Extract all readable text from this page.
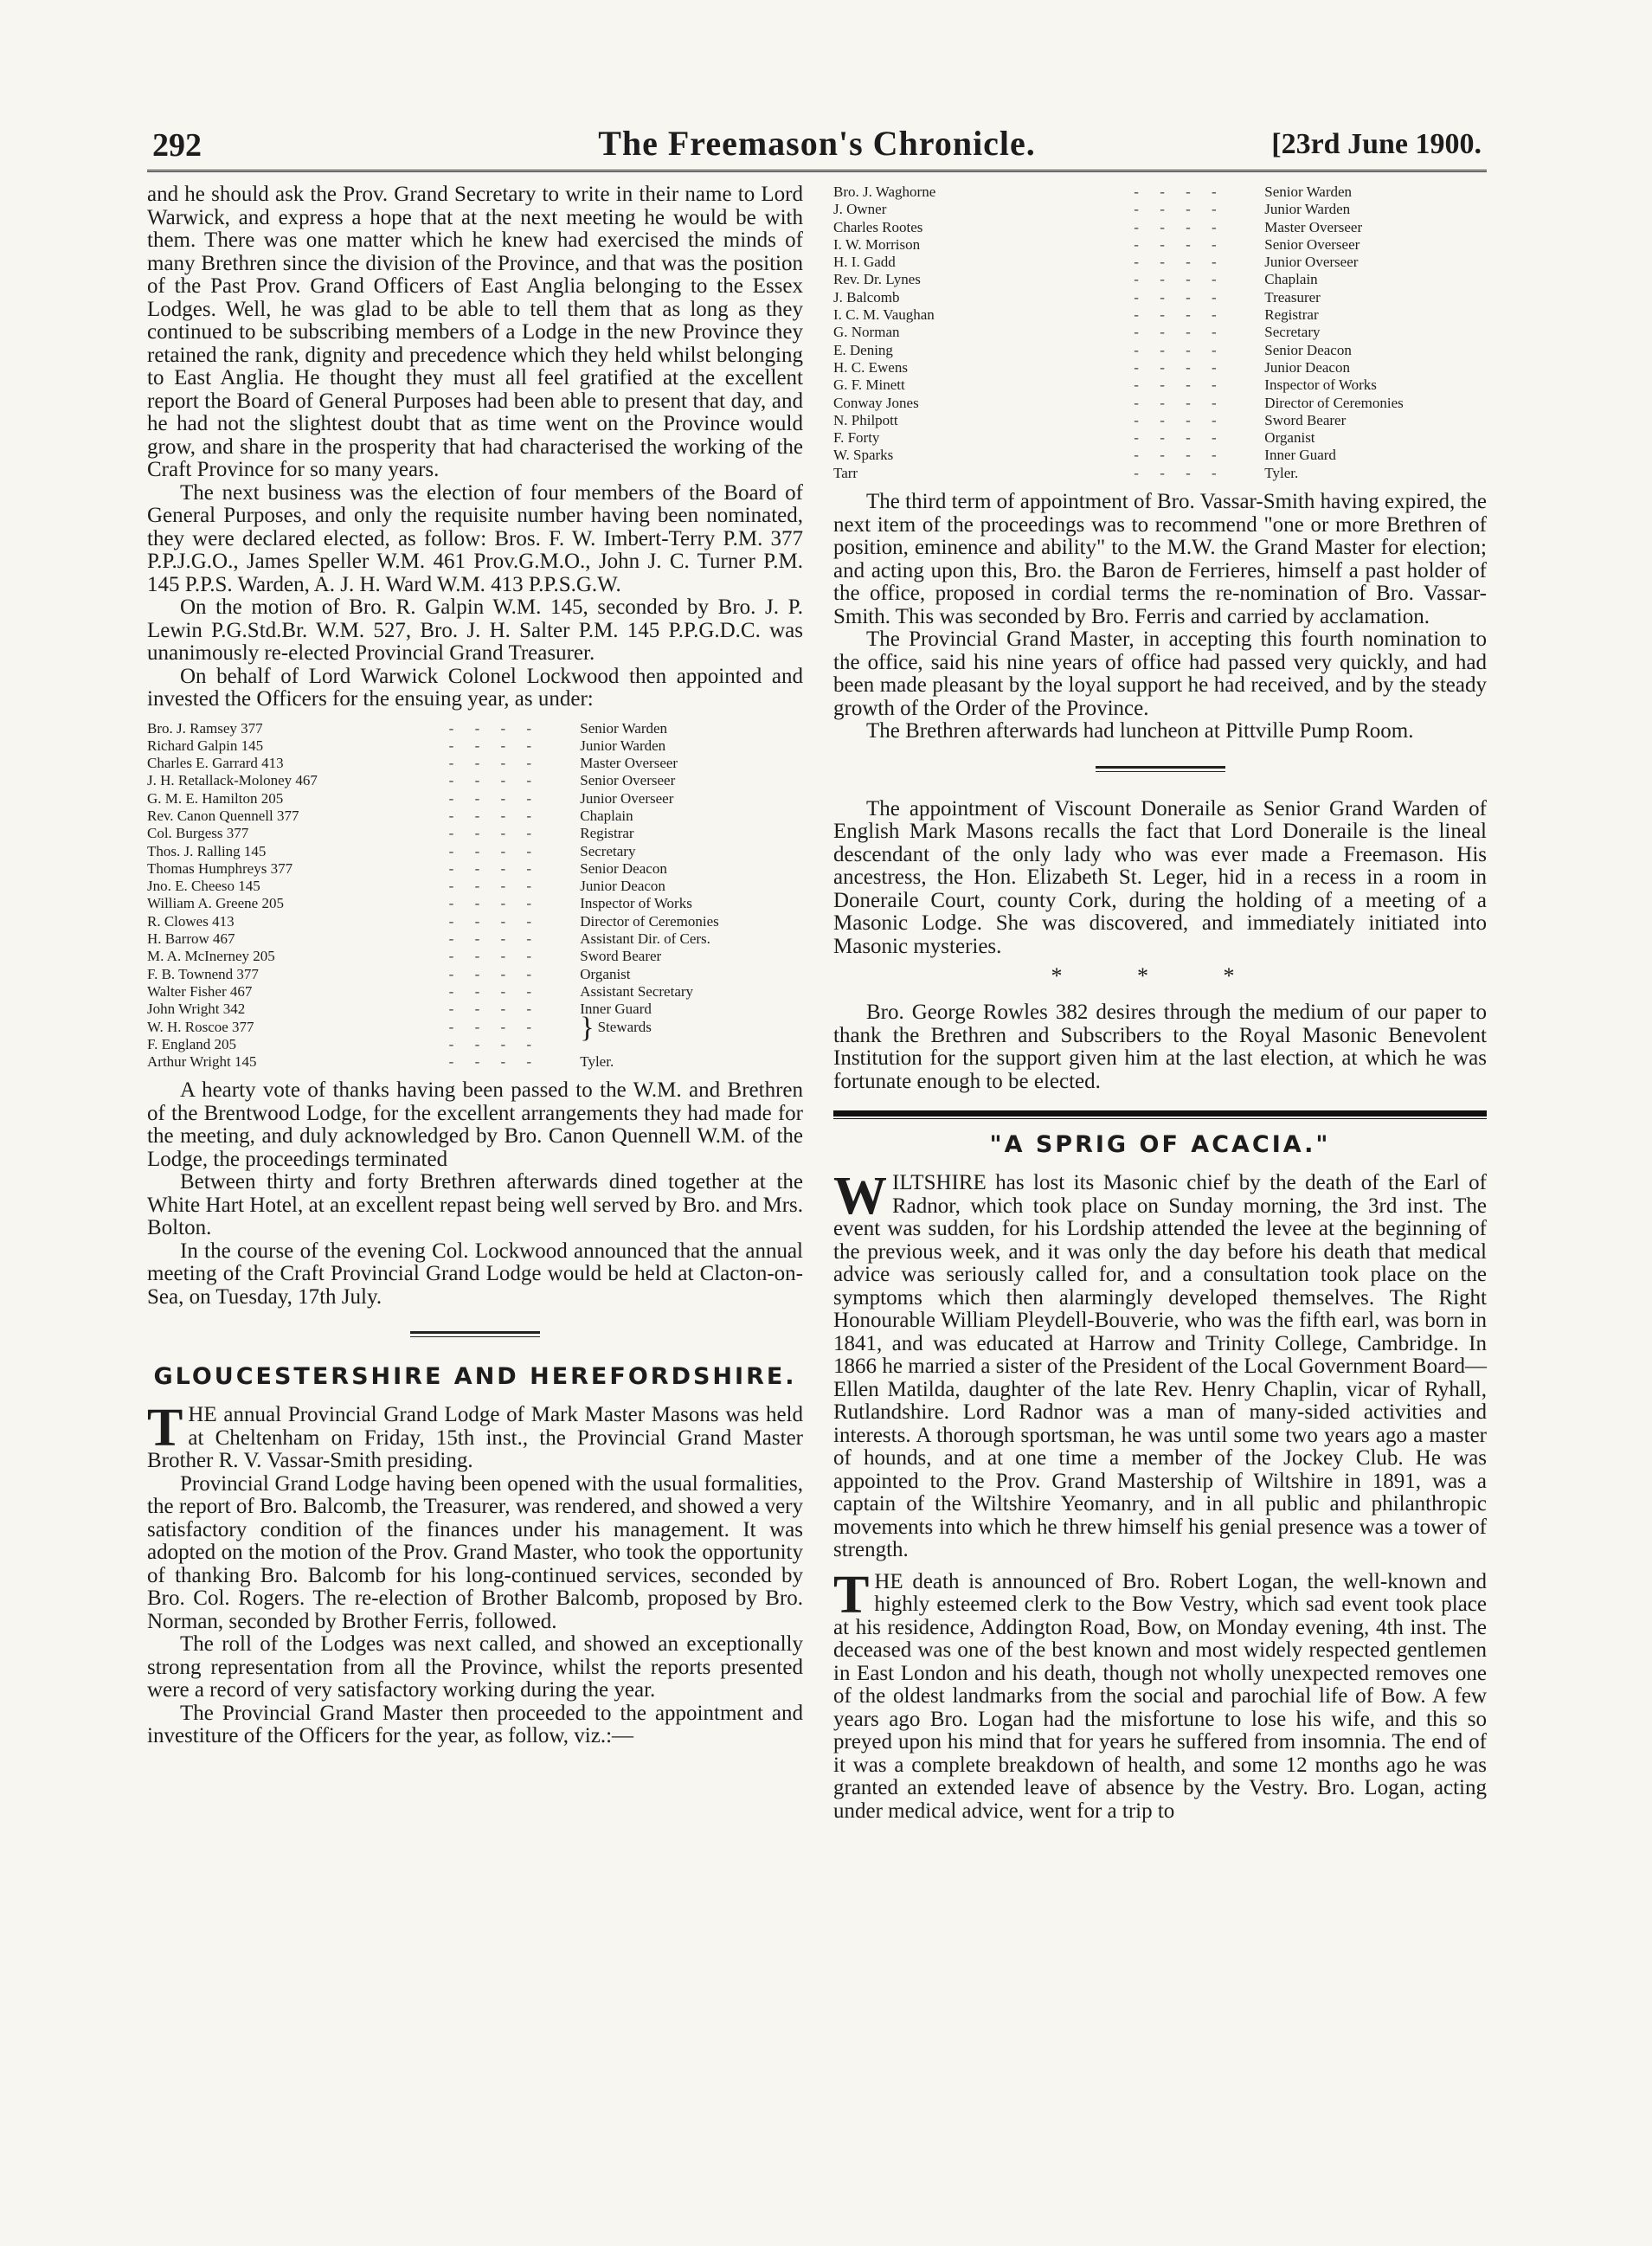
292	The Freemason's Chronicle.	[23rd June 1900.

and he should ask the Prov. Grand Secretary to write in their name to Lord Warwick, and express a hope that at the next meeting he would be with them. There was one matter which he knew had exercised the minds of many Brethren since the division of the Province, and that was the position of the Past Prov. Grand Officers of East Anglia belonging to the Essex Lodges. Well, he was glad to be able to tell them that as long as they continued to be subscribing members of a Lodge in the new Province they retained the rank, dignity and precedence which they held whilst belonging to East Anglia. He thought they must all feel gratified at the excellent report the Board of General Purposes had been able to present that day, and he had not the slightest doubt that as time went on the Province would grow, and share in the prosperity that had characterised the working of the Craft Province for so many years.

The next business was the election of four members of the Board of General Purposes, and only the requisite number having been nominated, they were declared elected, as follow: Bros. F. W. Imbert-Terry P.M. 377 P.P.J.G.O., James Speller W.M. 461 Prov.G.M.O., John J. C. Turner P.M. 145 P.P.S. Warden, A. J. H. Ward W.M. 413 P.P.S.G.W.

On the motion of Bro. R. Galpin W.M. 145, seconded by Bro. J. P. Lewin P.G.Std.Br. W.M. 527, Bro. J. H. Salter P.M. 145 P.P.G.D.C. was unanimously re-elected Provincial Grand Treasurer.

On behalf of Lord Warwick Colonel Lockwood then appointed and invested the Officers for the ensuing year, as under:

Bro. J. Ramsey 377	- - - -	Senior Warden
Richard Galpin 145	- - - -	Junior Warden
Charles E. Garrard 413	- - - -	Master Overseer
J. H. Retallack-Moloney 467	- - - -	Senior Overseer
G. M. E. Hamilton 205	- - - -	Junior Overseer
Rev. Canon Quennell 377	- - - -	Chaplain
Col. Burgess 377	- - - -	Registrar
Thos. J. Ralling 145	- - - -	Secretary
Thomas Humphreys 377	- - - -	Senior Deacon
Jno. E. Cheeso 145	- - - -	Junior Deacon
William A. Greene 205	- - - -	Inspector of Works
R. Clowes 413	- - - -	Director of Ceremonies
H. Barrow 467	- - - -	Assistant Dir. of Cers.
M. A. McInerney 205	- - - -	Sword Bearer
F. B. Townend 377	- - - -	Organist
Walter Fisher 467	- - - -	Assistant Secretary
John Wright 342	- - - -	Inner Guard
W. H. Roscoe 377	- - - -	} Stewards
F. England 205	- - - -	
Arthur Wright 145	- - - -	Tyler.

A hearty vote of thanks having been passed to the W.M. and Brethren of the Brentwood Lodge, for the excellent arrangements they had made for the meeting, and duly acknowledged by Bro. Canon Quennell W.M. of the Lodge, the proceedings terminated

Between thirty and forty Brethren afterwards dined together at the White Hart Hotel, at an excellent repast being well served by Bro. and Mrs. Bolton.

In the course of the evening Col. Lockwood announced that the annual meeting of the Craft Provincial Grand Lodge would be held at Clacton-on-Sea, on Tuesday, 17th July.

GLOUCESTERSHIRE AND HEREFORDSHIRE.

THE annual Provincial Grand Lodge of Mark Master Masons was held at Cheltenham on Friday, 15th inst., the Provincial Grand Master Brother R. V. Vassar-Smith presiding.

Provincial Grand Lodge having been opened with the usual formalities, the report of Bro. Balcomb, the Treasurer, was rendered, and showed a very satisfactory condition of the finances under his management. It was adopted on the motion of the Prov. Grand Master, who took the opportunity of thanking Bro. Balcomb for his long-continued services, seconded by Bro. Col. Rogers. The re-election of Brother Balcomb, proposed by Bro. Norman, seconded by Brother Ferris, followed.

The roll of the Lodges was next called, and showed an exceptionally strong representation from all the Province, whilst the reports presented were a record of very satisfactory working during the year.

The Provincial Grand Master then proceeded to the appointment and investiture of the Officers for the year, as follow, viz.:—

Bro. J. Waghorne	- - - -	Senior Warden
J. Owner	- - - -	Junior Warden
Charles Rootes	- - - -	Master Overseer
I. W. Morrison	- - - -	Senior Overseer
H. I. Gadd	- - - -	Junior Overseer
Rev. Dr. Lynes	- - - -	Chaplain
J. Balcomb	- - - -	Treasurer
I. C. M. Vaughan	- - - -	Registrar
G. Norman	- - - -	Secretary
E. Dening	- - - -	Senior Deacon
H. C. Ewens	- - - -	Junior Deacon
G. F. Minett	- - - -	Inspector of Works
Conway Jones	- - - -	Director of Ceremonies
N. Philpott	- - - -	Sword Bearer
F. Forty	- - - -	Organist
W. Sparks	- - - -	Inner Guard
Tarr	- - - -	Tyler.

The third term of appointment of Bro. Vassar-Smith having expired, the next item of the proceedings was to recommend "one or more Brethren of position, eminence and ability" to the M.W. the Grand Master for election; and acting upon this, Bro. the Baron de Ferrieres, himself a past holder of the office, proposed in cordial terms the re-nomination of Bro. Vassar-Smith. This was seconded by Bro. Ferris and carried by acclamation.

The Provincial Grand Master, in accepting this fourth nomination to the office, said his nine years of office had passed very quickly, and had been made pleasant by the loyal support he had received, and by the steady growth of the Order of the Province.

The Brethren afterwards had luncheon at Pittville Pump Room.

The appointment of Viscount Doneraile as Senior Grand Warden of English Mark Masons recalls the fact that Lord Doneraile is the lineal descendant of the only lady who was ever made a Freemason. His ancestress, the Hon. Elizabeth St. Leger, hid in a recess in a room in Doneraile Court, county Cork, during the holding of a meeting of a Masonic Lodge. She was discovered, and immediately initiated into Masonic mysteries.

* * *

Bro. George Rowles 382 desires through the medium of our paper to thank the Brethren and Subscribers to the Royal Masonic Benevolent Institution for the support given him at the last election, at which he was fortunate enough to be elected.

"A SPRIG OF ACACIA."

WILTSHIRE has lost its Masonic chief by the death of the Earl of Radnor, which took place on Sunday morning, the 3rd inst. The event was sudden, for his Lordship attended the levee at the beginning of the previous week, and it was only the day before his death that medical advice was seriously called for, and a consultation took place on the symptoms which then alarmingly developed themselves. The Right Honourable William Pleydell-Bouverie, who was the fifth earl, was born in 1841, and was educated at Harrow and Trinity College, Cambridge. In 1866 he married a sister of the President of the Local Government Board—Ellen Matilda, daughter of the late Rev. Henry Chaplin, vicar of Ryhall, Rutlandshire. Lord Radnor was a man of many-sided activities and interests. A thorough sportsman, he was until some two years ago a master of hounds, and at one time a member of the Jockey Club. He was appointed to the Prov. Grand Mastership of Wiltshire in 1891, was a captain of the Wiltshire Yeomanry, and in all public and philanthropic movements into which he threw himself his genial presence was a tower of strength.

THE death is announced of Bro. Robert Logan, the well-known and highly esteemed clerk to the Bow Vestry, which sad event took place at his residence, Addington Road, Bow, on Monday evening, 4th inst. The deceased was one of the best known and most widely respected gentlemen in East London and his death, though not wholly unexpected removes one of the oldest landmarks from the social and parochial life of Bow. A few years ago Bro. Logan had the misfortune to lose his wife, and this so preyed upon his mind that for years he suffered from insomnia. The end of it was a complete breakdown of health, and some 12 months ago he was granted an extended leave of absence by the Vestry. Bro. Logan, acting under medical advice, went for a trip to
